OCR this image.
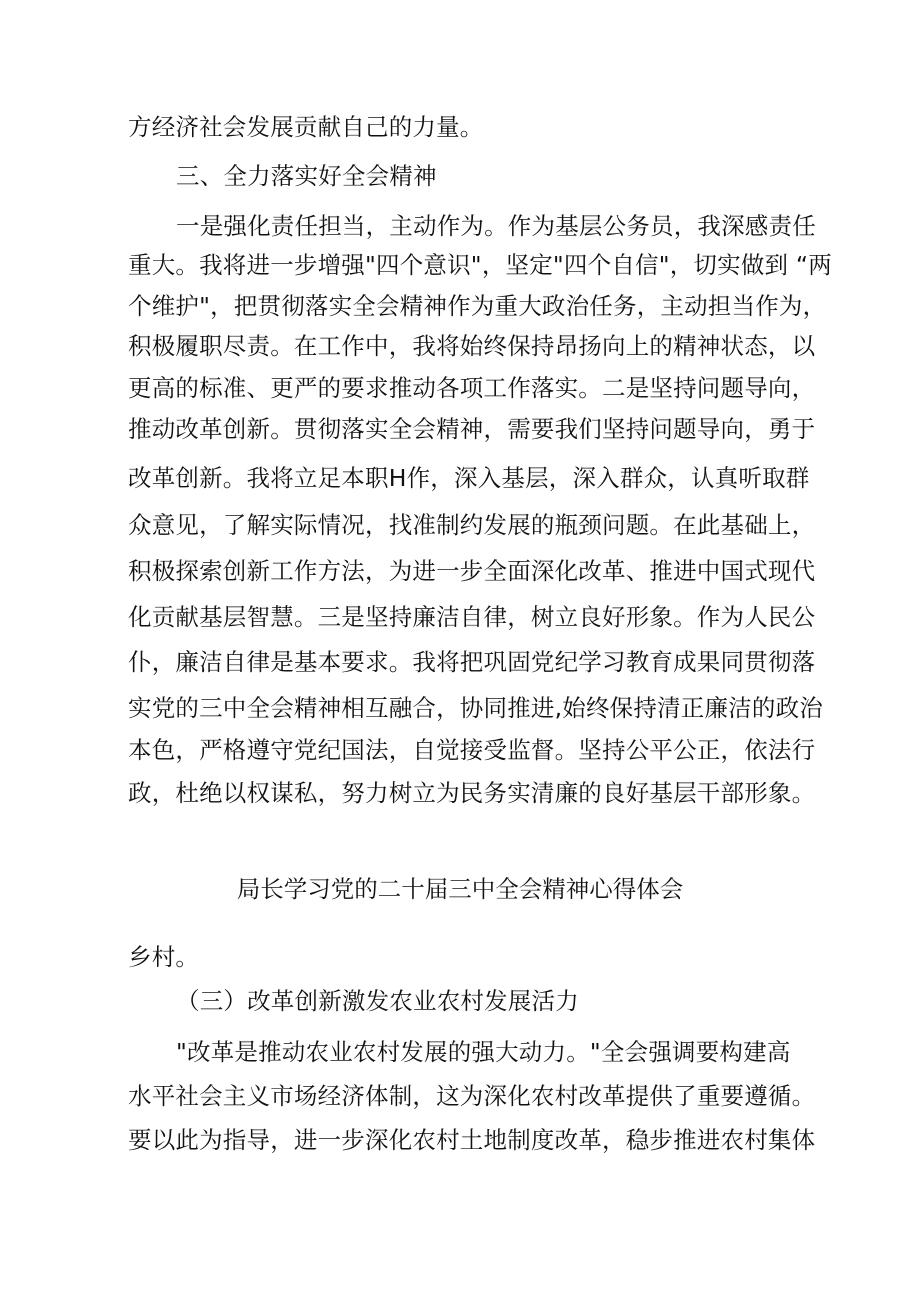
方经济社会发展贡献自己的力量。
三、全力落实好全会精神
一是强化责任担当，主动作为。作为基层公务员，我深感责任
重大。我将进一步增强"四个意识"，坚定"四个自信"，切实做到 “两
个维护"，把贯彻落实全会精神作为重大政治任务，主动担当作为，
积极履职尽责。在工作中，我将始终保持昂扬向上的精神状态，以
更高的标准、更严的要求推动各项工作落实。二是坚持问题导向，
推动改革创新。贯彻落实全会精神，需要我们坚持问题导向，勇于
改革创新。我将立足本职H作，深入基层，深入群众，认真听取群
众意见，了解实际情况，找准制约发展的瓶颈问题。在此基础上，
积极探索创新工作方法，为进一步全面深化改革、推进中国式现代
化贡献基层智慧。三是坚持廉洁自律，树立良好形象。作为人民公
仆，廉洁自律是基本要求。我将把巩固党纪学习教育成果同贯彻落
实党的三中全会精神相互融合，协同推进,始终保持清正廉洁的政治
本色，严格遵守党纪国法，自觉接受监督。坚持公平公正，依法行
政，杜绝以权谋私，努力树立为民务实清廉的良好基层干部形象。
局长学习党的二十届三中全会精神心得体会
乡村。
（三）改革创新激发农业农村发展活力
"改革是推动农业农村发展的强大动力。"全会强调要构建高
水平社会主义市场经济体制，这为深化农村改革提供了重要遵循。
要以此为指导，进一步深化农村土地制度改革，稳步推进农村集体
